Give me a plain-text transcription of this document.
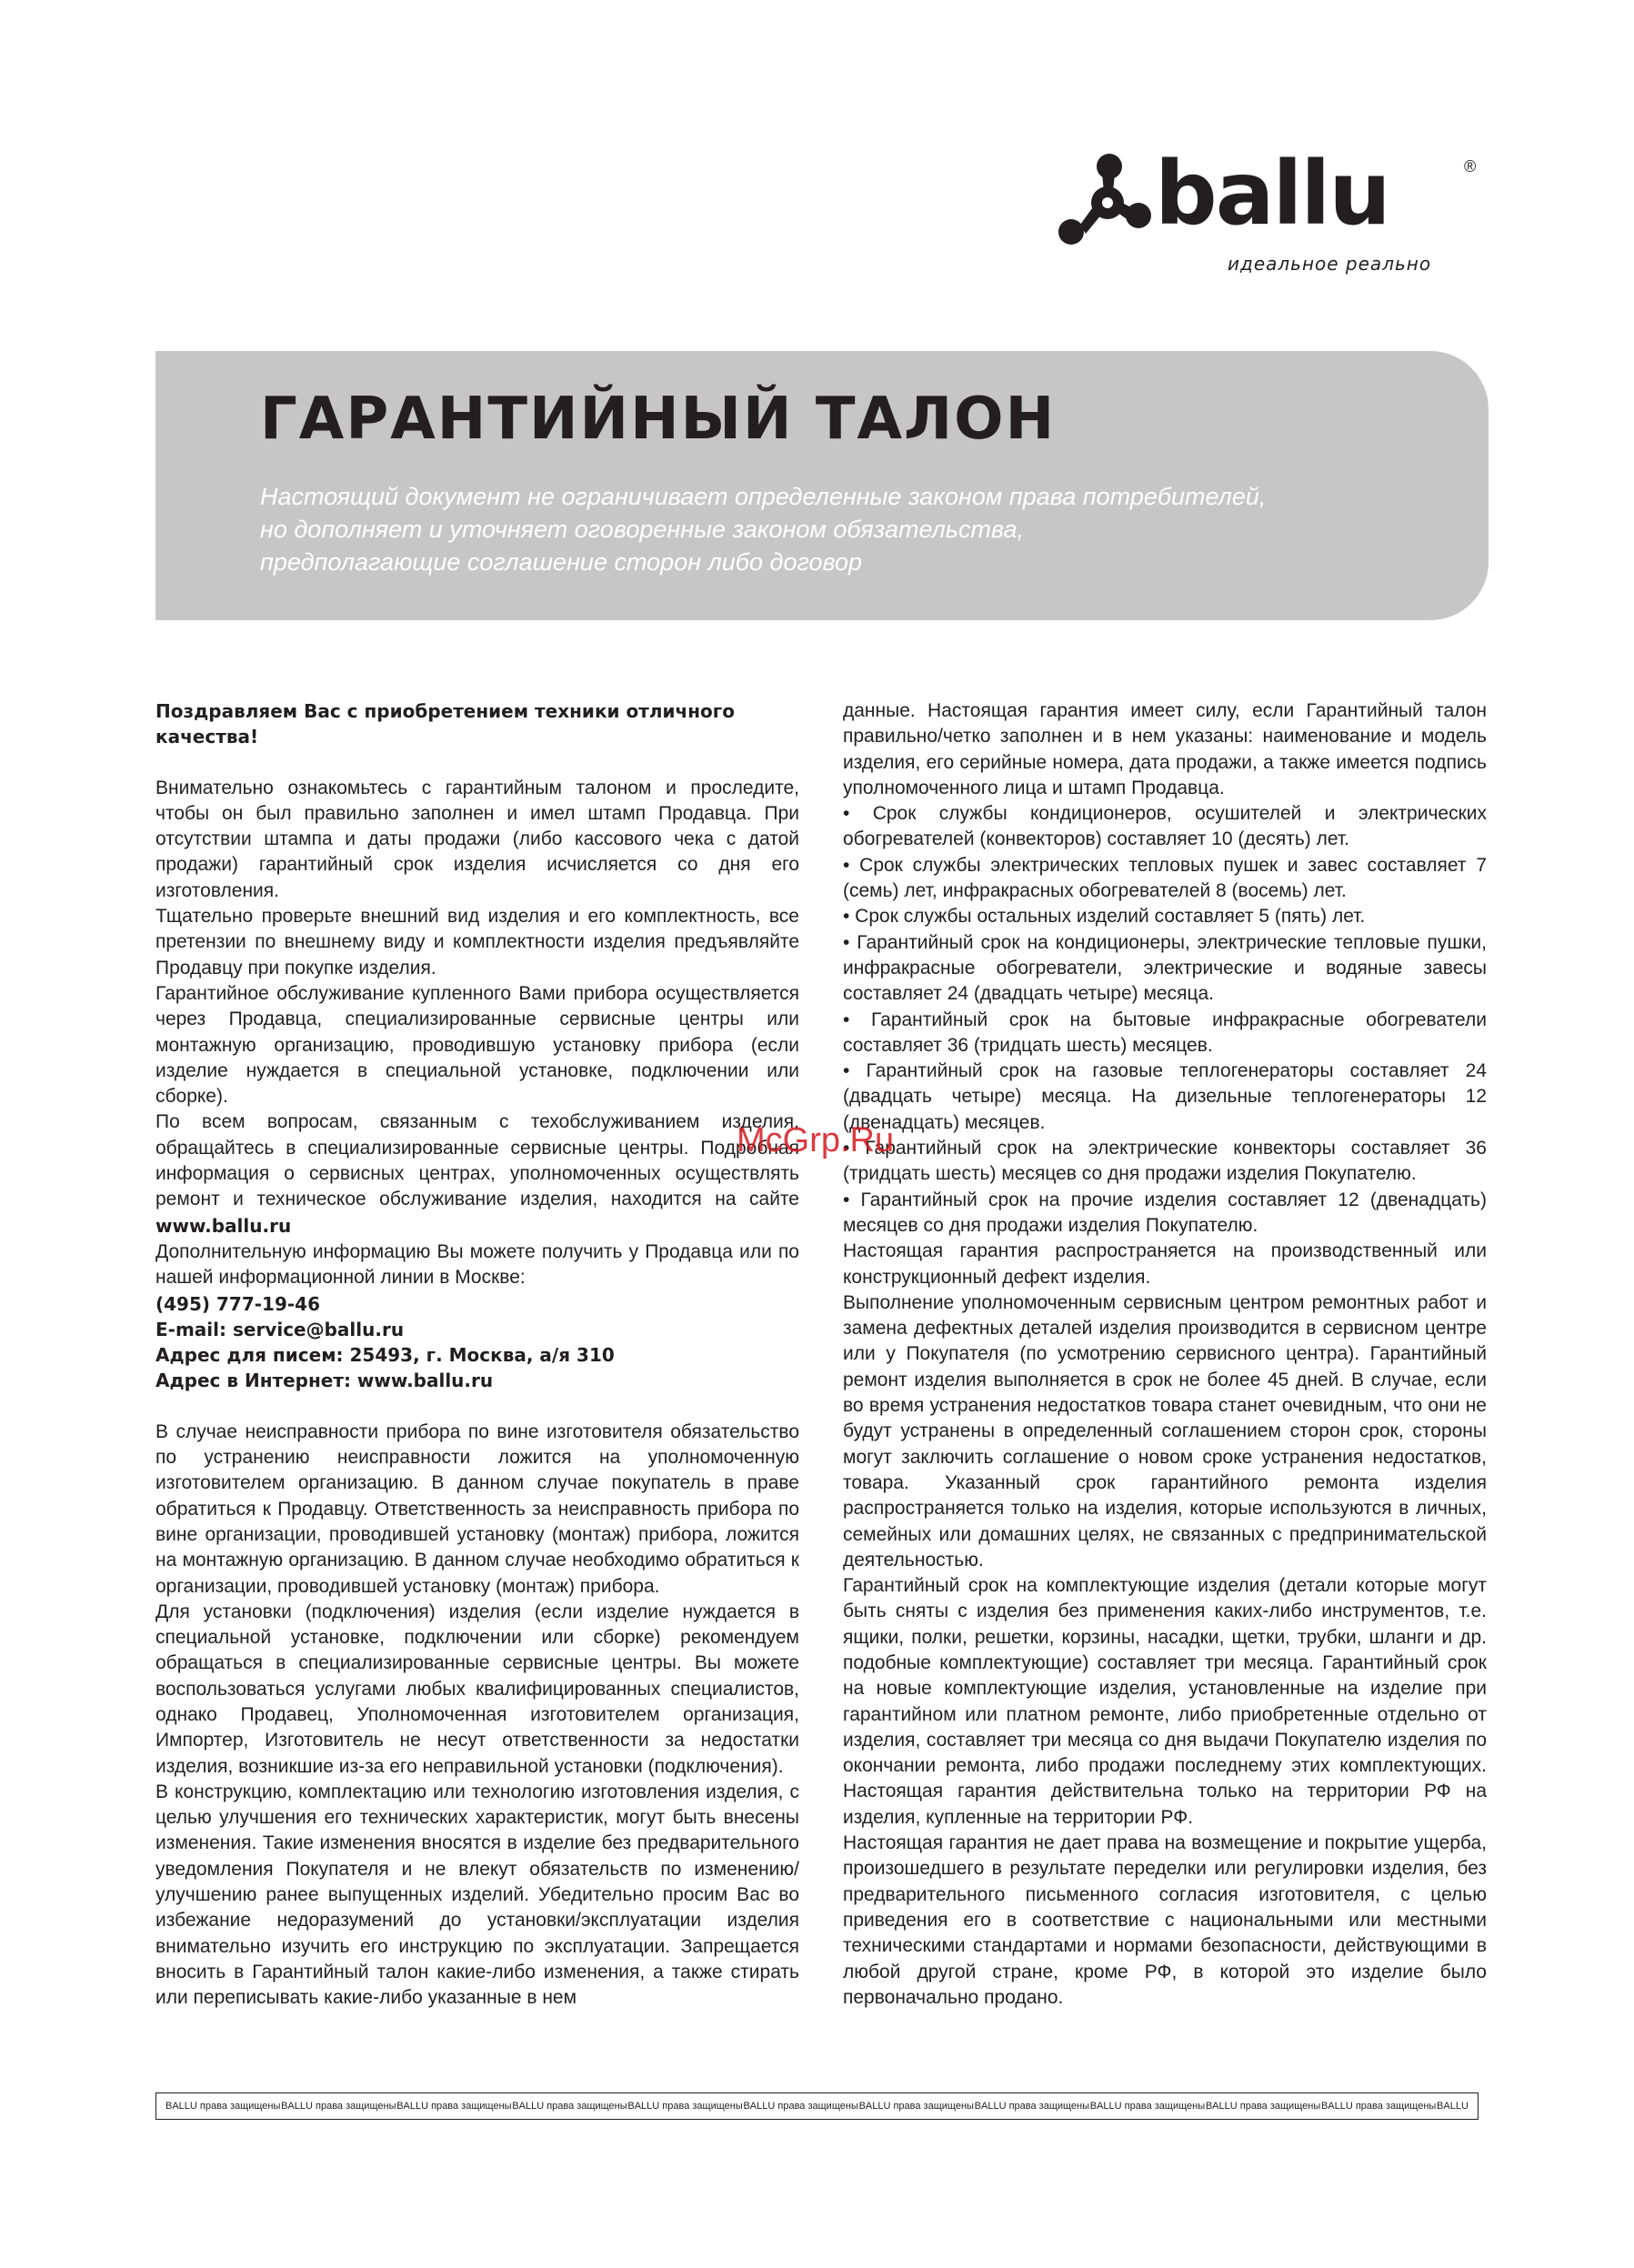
ballu	®
идеальное реально
ГАРАНТИЙНЫЙ ТАЛОН

Настоящий документ не ограничивает определенные законом права потребителей,
но дополняет и уточняет оговоренные законом обязательства,
предполагающие соглашение сторон либо договор

Поздравляем Вас с приобретением техники отличного качества!

Внимательно ознакомьтесь с гарантийным талоном и проследите, чтобы он был правильно заполнен и имел штамп Продавца. При отсутствии штампа и даты продажи (либо кассового чека с датой продажи) гарантийный срок изделия исчисляется со дня его изготовления.

Тщательно проверьте внешний вид изделия и его комплектность, все претензии по внешнему виду и комплектности изделия предъявляйте Продавцу при покупке изделия.

Гарантийное обслуживание купленного Вами прибора осуществляется через Продавца, специализированные сервисные центры или монтажную организацию, проводившую установку прибора (если изделие нуждается в специальной установке, подключении или сборке).

По всем вопросам, связанным с техобслуживанием изделия, обращайтесь в специализированные сервисные центры. Подробная информация о сервисных центрах, уполномоченных осуществлять ремонт и техническое обслуживание изделия, находится на сайте www.ballu.ru

Дополнительную информацию Вы можете получить у Продавца или по нашей информационной линии в Москве:

(495) 777-19-46

E-mail: service@ballu.ru

Адрес для писем: 25493, г. Москва, а/я 310

Адрес в Интернет: www.ballu.ru

В случае неисправности прибора по вине изготовителя обязательство по устранению неисправности ложится на уполномоченную изготовителем организацию. В данном случае покупатель в праве обратиться к Продавцу. Ответственность за неисправность прибора по вине организации, проводившей установку (монтаж) прибора, ложится на монтажную организацию. В данном случае необходимо обратиться к организации, проводившей установку (монтаж) прибора.

Для установки (подключения) изделия (если изделие нуждается в специальной установке, подключении или сборке) рекомендуем обращаться в специализированные сервисные центры. Вы можете воспользоваться услугами любых квалифицированных специалистов, однако Продавец, Уполномоченная изготовителем организация, Импортер, Изготовитель не несут ответственности за недостатки изделия, возникшие из-за его неправильной установки (подключения).

В конструкцию, комплектацию или технологию изготовления изделия, с целью улучшения его технических характеристик, могут быть внесены изменения. Такие изменения вносятся в изделие без предварительного уведомления Покупателя и не влекут обязательств по изменению/улучшению ранее выпущенных изделий. Убедительно просим Вас во избежание недоразумений до установки/эксплуатации изделия внимательно изучить его инструкцию по эксплуатации. Запрещается вносить в Гарантийный талон какие-либо изменения, а также стирать или переписывать какие-либо указанные в нем

данные. Настоящая гарантия имеет силу, если Гарантийный талон правильно/четко заполнен и в нем указаны: наименование и модель изделия, его серийные номера, дата продажи, а также имеется подпись уполномоченного лица и штамп Продавца.

• Срок службы кондиционеров, осушителей и электрических обогревателей (конвекторов) составляет 10 (десять) лет.

• Срок службы электрических тепловых пушек и завес составляет 7 (семь) лет, инфракрасных обогревателей 8 (восемь) лет.

• Срок службы остальных изделий составляет 5 (пять) лет.

• Гарантийный срок на кондиционеры, электрические тепловые пушки, инфракрасные обогреватели, электрические и водяные завесы составляет 24 (двадцать четыре) месяца.

• Гарантийный срок на бытовые инфракрасные обогреватели составляет 36 (тридцать шесть) месяцев.

• Гарантийный срок на газовые теплогенераторы составляет 24 (двадцать четыре) месяца. На дизельные теплогенераторы 12 (двенадцать) месяцев.

• Гарантийный срок на электрические конвекторы составляет 36 (тридцать шесть) месяцев со дня продажи изделия Покупателю.

• Гарантийный срок на прочие изделия составляет 12 (двенадцать) месяцев со дня продажи изделия Покупателю.

Настоящая гарантия распространяется на производственный или конструкционный дефект изделия.

Выполнение уполномоченным сервисным центром ремонтных работ и замена дефектных деталей изделия производится в сервисном центре или у Покупателя (по усмотрению сервисного центра). Гарантийный ремонт изделия выполняется в срок не более 45 дней. В случае, если во время устранения недостатков товара станет очевидным, что они не будут устранены в определенный соглашением сторон срок, стороны могут заключить соглашение о новом сроке устранения недостатков, товара. Указанный срок гарантийного ремонта изделия распространяется только на изделия, которые используются в личных, семейных или домашних целях, не связанных с предпринимательской деятельностью.

Гарантийный срок на комплектующие изделия (детали которые могут быть сняты с изделия без применения каких-либо инструментов, т.е. ящики, полки, решетки, корзины, насадки, щетки, трубки, шланги и др. подобные комплектующие) составляет три месяца. Гарантийный срок на новые комплектующие изделия, установленные на изделие при гарантийном или платном ремонте, либо приобретенные отдельно от изделия, составляет три месяца со дня выдачи Покупателю изделия по окончании ремонта, либо продажи последнему этих комплектующих. Настоящая гарантия действительна только на территории РФ на изделия, купленные на территории РФ.

Настоящая гарантия не дает права на возмещение и покрытие ущерба, произошедшего в результате переделки или регулировки изделия, без предварительного письменного согласия изготовителя, с целью приведения его в соответствие с национальными или местными техническими стандартами и нормами безопасности, действующими в любой другой стране, кроме РФ, в которой это изделие было первоначально продано.

McGrp.Ru
BALLU права защищены BALLU права защищены BALLU права защищены BALLU права защищены BALLU права защищены BALLU права защищены BALLU права защищены BALLU права защищены BALLU права защищены BALLU права защищены BALLU права защищены BALLU
